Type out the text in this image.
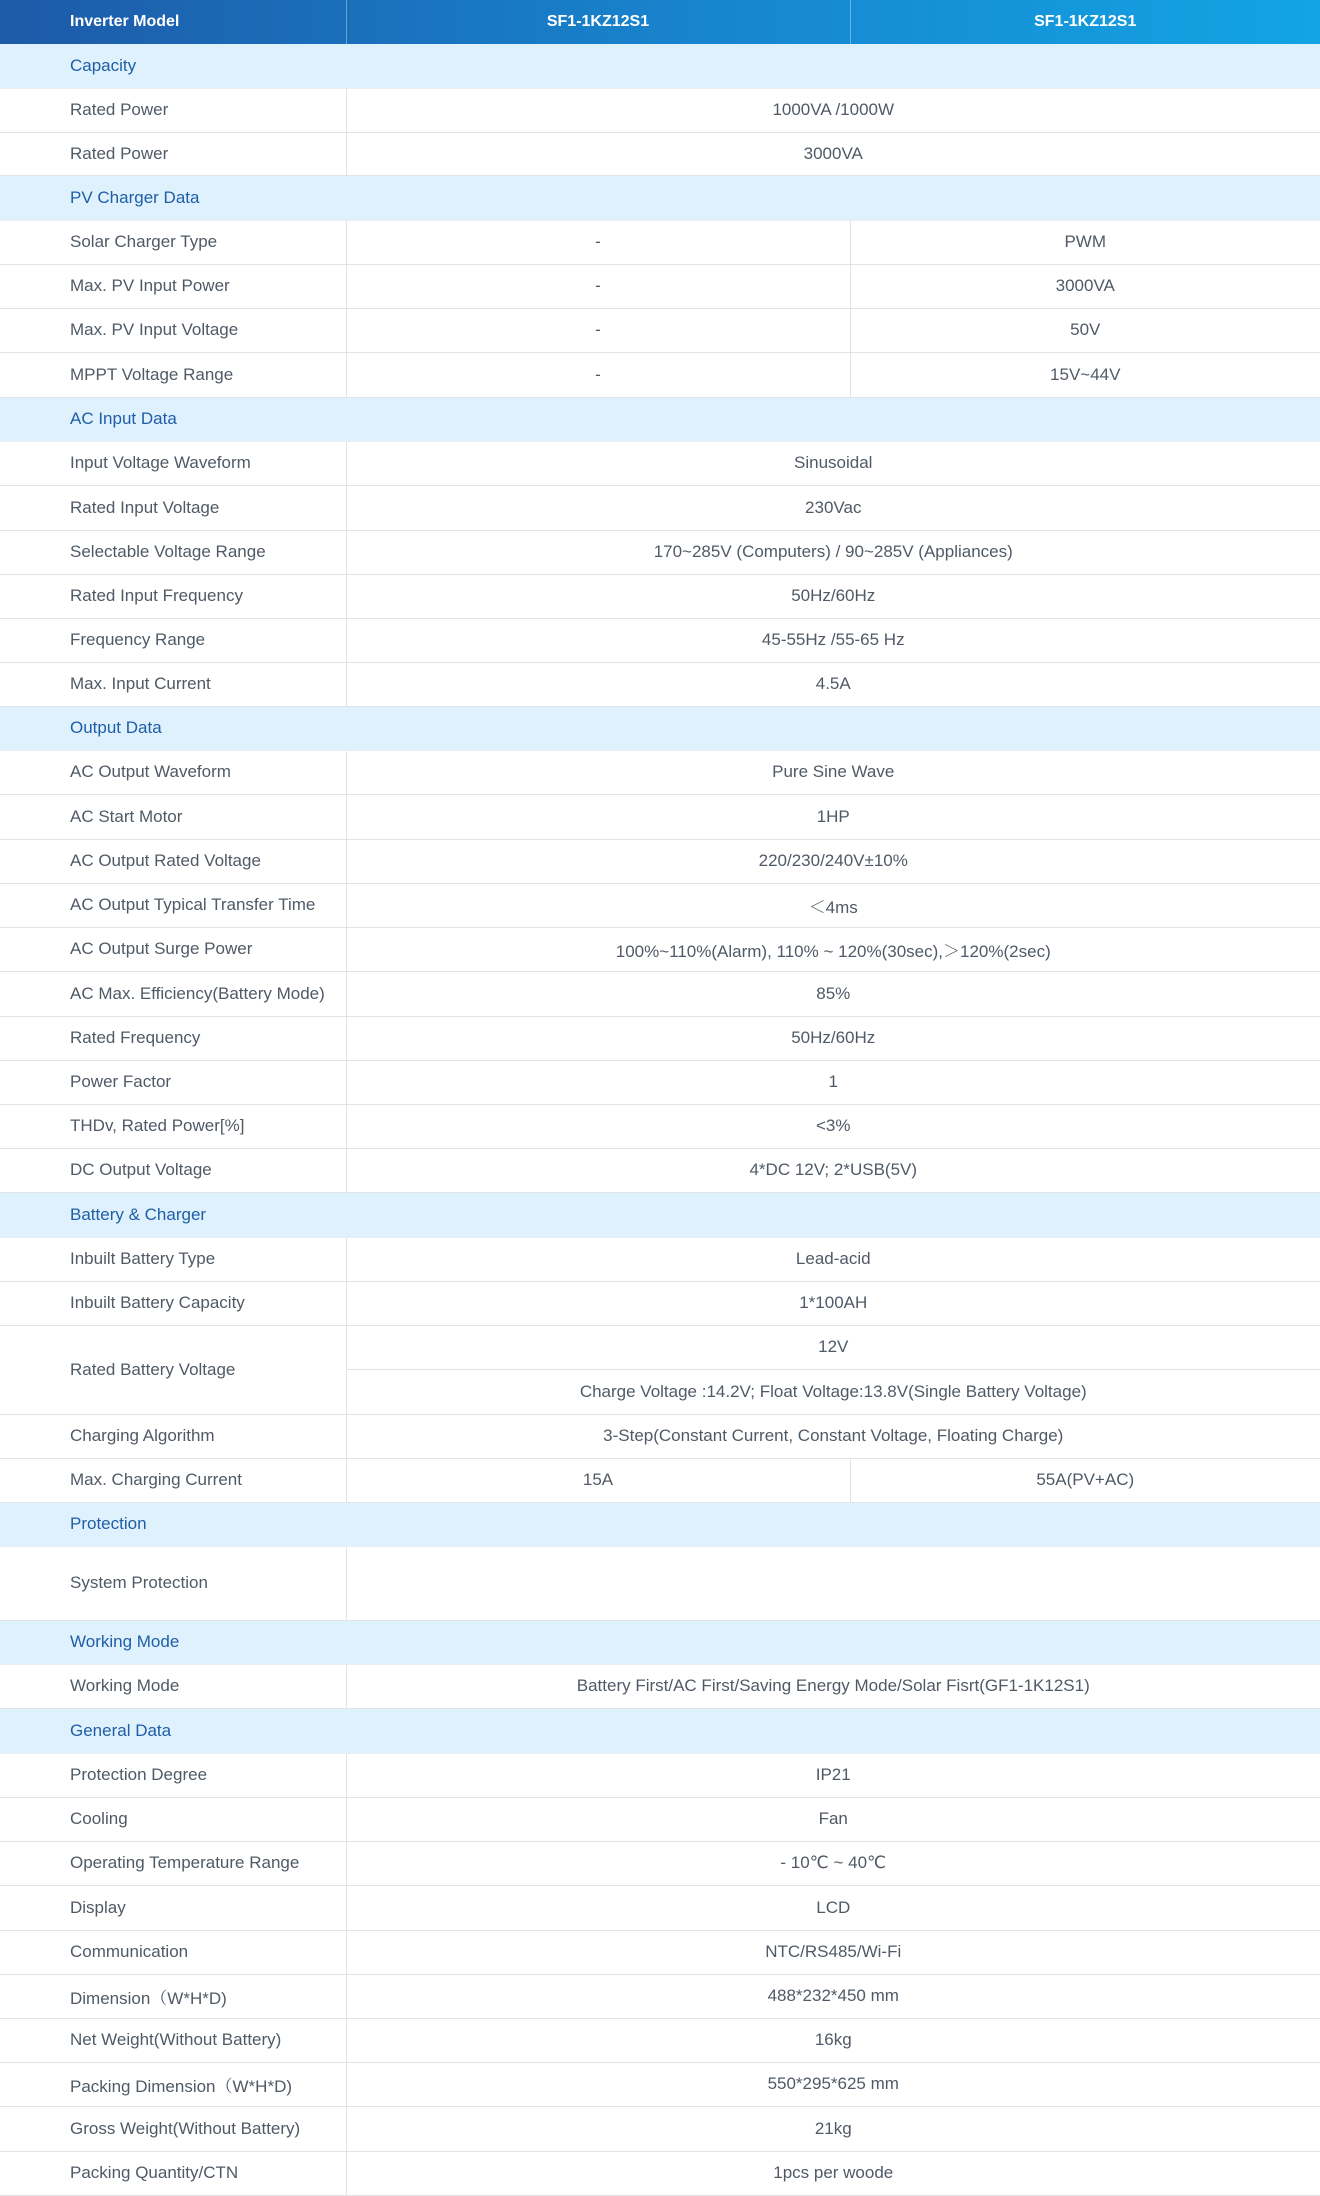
Inverter Model	SF1-1KZ12S1	SF1-1KZ12S1
Capacity		
Rated Power	1000VA /1000W	
Rated Power	3000VA	
PV Charger Data		
Solar Charger Type	-	PWM
Max. PV Input Power	-	3000VA
Max. PV Input Voltage	-	50V
MPPT Voltage Range	-	15V~44V
AC Input Data		
Input Voltage Waveform	Sinusoidal	
Rated Input Voltage	230Vac	
Selectable Voltage Range	170~285V (Computers) / 90~285V (Appliances)	
Rated Input Frequency	50Hz/60Hz	
Frequency Range	45-55Hz /55-65 Hz	
Max. Input Current	4.5A	
Output Data		
AC Output Waveform	Pure Sine Wave	
AC Start Motor	1HP	
AC Output Rated Voltage	220/230/240V±10%	
AC Output Typical Transfer Time	＜4ms	
AC Output Surge Power	100%~110%(Alarm), 110% ~ 120%(30sec),＞120%(2sec)	
AC Max. Efficiency(Battery Mode)	85%	
Rated Frequency	50Hz/60Hz	
Power Factor	1	
THDv, Rated Power[%]	<3%	
DC Output Voltage	4*DC 12V; 2*USB(5V)	
Battery & Charger		
Inbuilt Battery Type	Lead-acid	
Inbuilt Battery Capacity	1*100AH	
Rated Battery Voltage	12V	
	Charge Voltage :14.2V; Float Voltage:13.8V(Single Battery Voltage)	
Charging Algorithm	3-Step(Constant Current, Constant Voltage, Floating Charge)	
Max. Charging Current	15A	55A(PV+AC)
Protection		
System Protection		
Working Mode		
Working Mode	Battery First/AC First/Saving Energy Mode/Solar Fisrt(GF1-1K12S1)	
General Data		
Protection Degree	IP21	
Cooling	Fan	
Operating Temperature Range	- 10℃ ~ 40℃	
Display	LCD	
Communication	NTC/RS485/Wi-Fi	
Dimension（W*H*D)	488*232*450 mm	
Net Weight(Without Battery)	16kg	
Packing Dimension（W*H*D)	550*295*625 mm	
Gross Weight(Without Battery)	21kg	
Packing Quantity/CTN	1pcs per woode	
